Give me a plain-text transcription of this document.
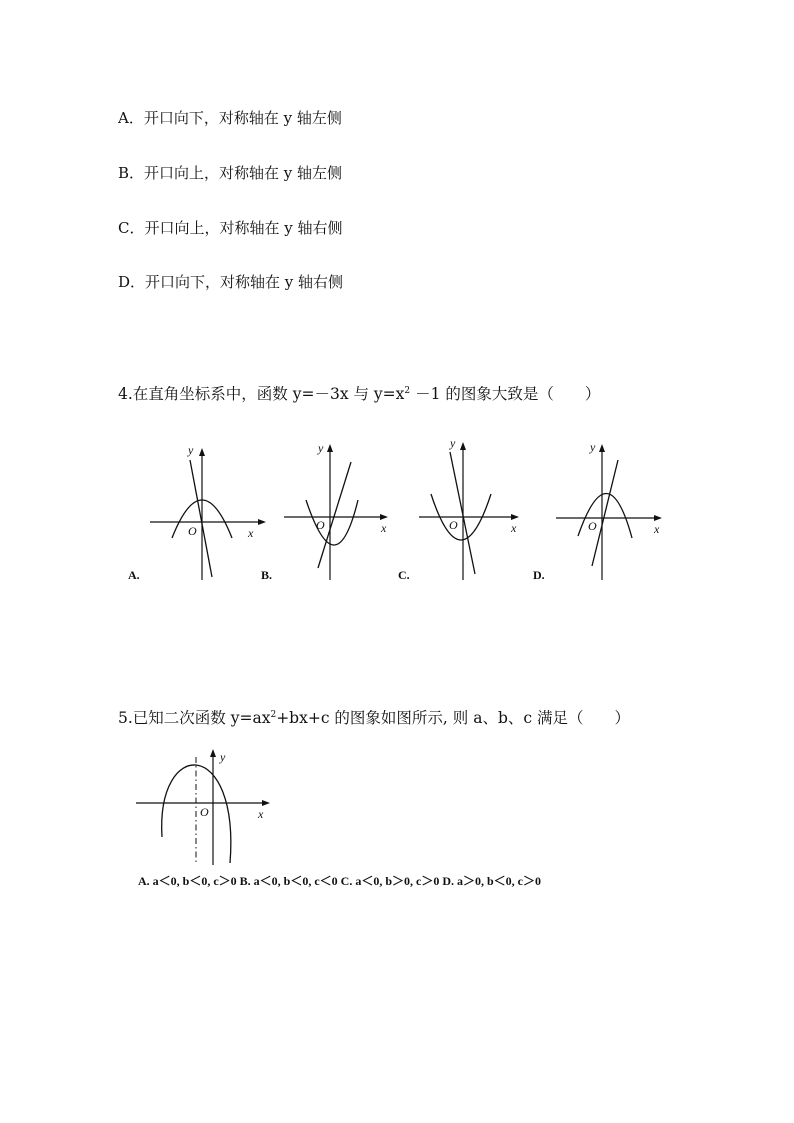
A．开口向下，对称轴在 y 轴左侧
B．开口向上，对称轴在 y 轴左侧
C．开口向上，对称轴在 y 轴右侧
D．开口向下，对称轴在 y 轴右侧
4.在直角坐标系中，函数 y=－3x 与 $y=x^2 -1$ 的图象大致是（　　）
x
y
O
A.
x
y
O
B.
x
y
O
C.
x
y
O
D.
5.已知二次函数 $y=ax^2+bx+c$ 的图象如图所示, 则 a、b、c 满足（　　）
y
x
O
A. a＜0, b＜0, c＞0 B. a＜0, b＜0, c＜0 C. a＜0, b＞0, c＞0 D. a＞0, b＜0, c＞0
